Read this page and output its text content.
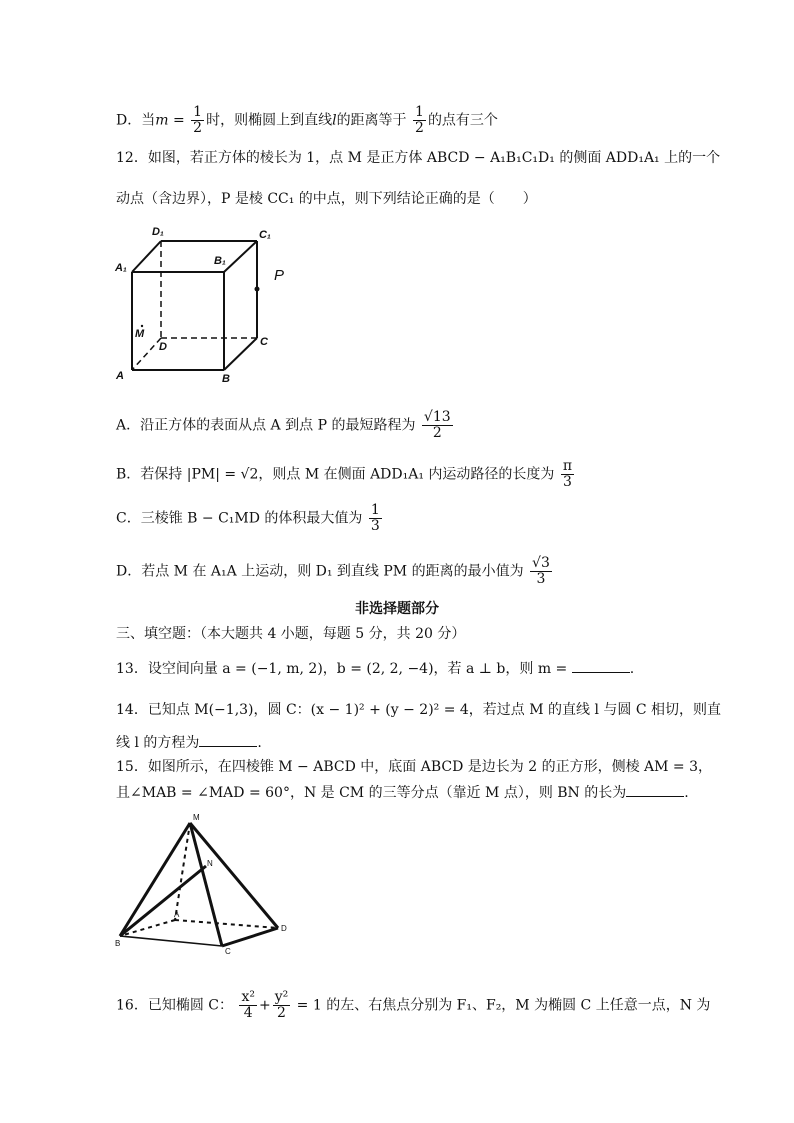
D．当$m = \frac{1}{2}$ 时，则椭圆上到直线l的距离等于 $\frac{1}{2}$ 的点有三个
12．如图，若正方体的棱长为 1，点 M 是正方体 ABCD − A₁B₁C₁D₁ 的侧面 ADD₁A₁ 上的一个
动点（含边界），P 是棱 CC₁ 的中点，则下列结论正确的是（　　）
D₁	C₁
A₁
B₁
P
M
D	C
A	B
A．沿正方体的表面从点 A 到点 P 的最短路程为 $\frac{√13}{2}$
B．若保持 |PM| = √2，则点 M 在侧面 ADD₁A₁ 内运动路径的长度为 $\frac{\pi}{3}$
C．三棱锥 B − C₁MD 的体积最大值为 $\frac{1}{3}$
D．若点 M 在 A₁A 上运动，则 D₁ 到直线 PM 的距离的最小值为 $\frac{√3}{3}$
非选择题部分
三、填空题：（本大题共 4 小题，每题 5 分，共 20 分）
13．设空间向量 a = (−1, m, 2)，b = (2, 2, −4)，若 a ⊥ b，则 m =	.
14．已知点 M(−1,3)，圆 C：(x − 1)² + (y − 2)² = 4，若过点 M 的直线 l 与圆 C 相切，则直
线 l 的方程为	.
15．如图所示，在四棱锥 M − ABCD 中，底面 ABCD 是边长为 2 的正方形，侧棱 AM = 3，
且∠MAB = ∠MAD = 60°，N 是 CM 的三等分点（靠近 M 点），则 BN 的长为	.
M
N
A
B
C
D
16．已知椭圆 C： $\frac{\text{x²}}{4} + \frac{\text{y²}}{2} = 1$ 的左、右焦点分别为 F₁、F₂，M 为椭圆 C 上任意一点，N 为
